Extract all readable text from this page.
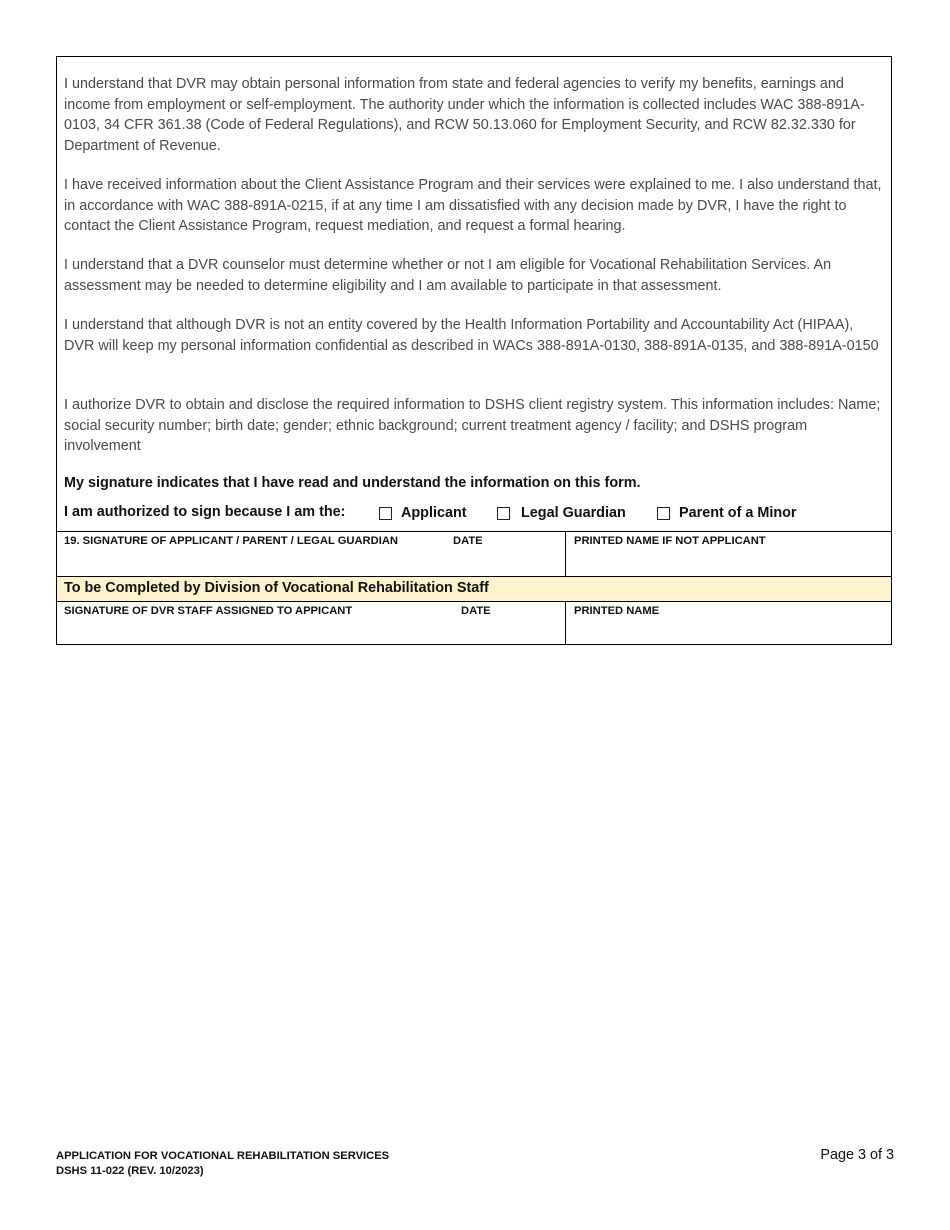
I understand that DVR may obtain personal information from state and federal agencies to verify my benefits, earnings and income from employment or self-employment. The authority under which the information is collected includes WAC 388-891A-0103, 34 CFR 361.38 (Code of Federal Regulations), and RCW 50.13.060 for Employment Security, and RCW 82.32.330 for Department of Revenue.

I have received information about the Client Assistance Program and their services were explained to me. I also understand that, in accordance with WAC 388-891A-0215, if at any time I am dissatisfied with any decision made by DVR, I have the right to contact the Client Assistance Program, request mediation, and request a formal hearing.

I understand that a DVR counselor must determine whether or not I am eligible for Vocational Rehabilitation Services. An assessment may be needed to determine eligibility and I am available to participate in that assessment.

I understand that although DVR is not an entity covered by the Health Information Portability and Accountability Act (HIPAA), DVR will keep my personal information confidential as described in WACs 388-891A-0130, 388-891A-0135, and 388-891A-0150

I authorize DVR to obtain and disclose the required information to DSHS client registry system. This information includes: Name; social security number; birth date; gender; ethnic background; current treatment agency / facility; and DSHS program involvement

My signature indicates that I have read and understand the information on this form.

I am authorized to sign because I am the:	Applicant	Legal Guardian	Parent of a Minor
19. SIGNATURE OF APPLICANT / PARENT / LEGAL GUARDIAN	DATE	PRINTED NAME IF NOT APPLICANT
To be Completed by Division of Vocational Rehabilitation Staff
SIGNATURE OF DVR STAFF ASSIGNED TO APPICANT	DATE	PRINTED NAME
APPLICATION FOR VOCATIONAL REHABILITATION SERVICES
DSHS 11-022 (REV. 10/2023)
Page 3 of 3
